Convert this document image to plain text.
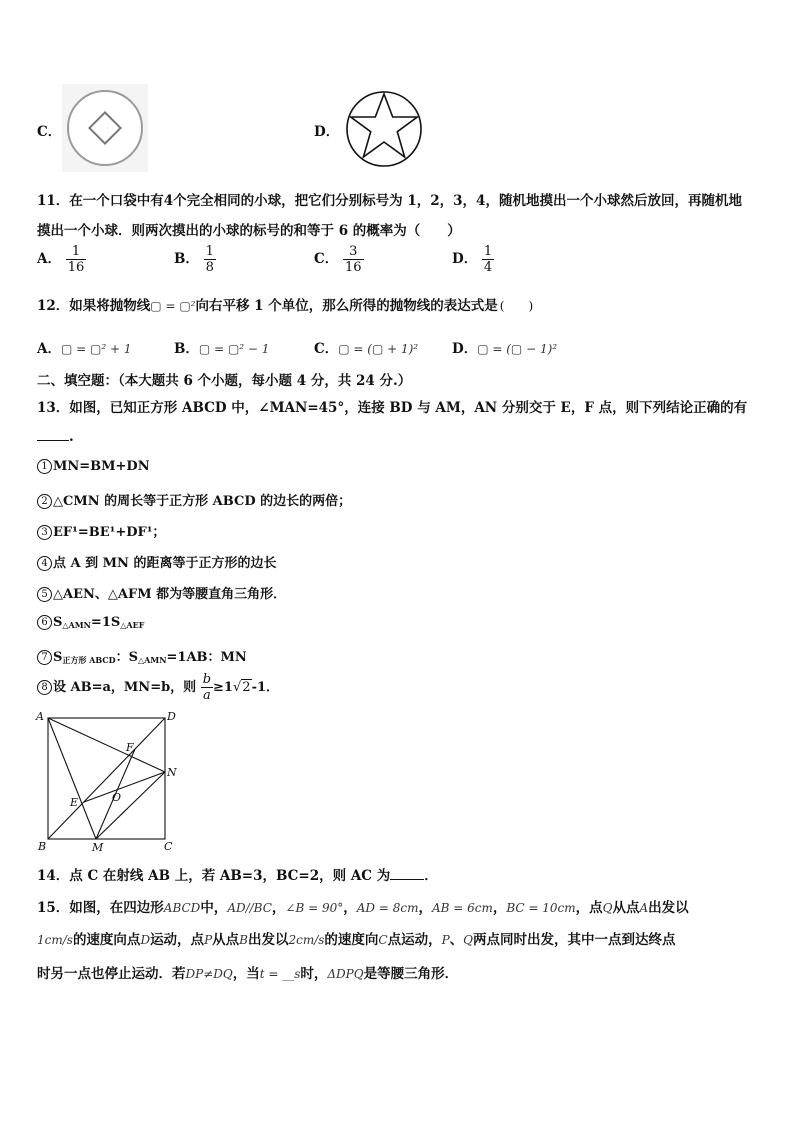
C．	D．
11．在一个口袋中有4个完全相同的小球，把它们分别标号为 1，2，3，4，随机地摸出一个小球然后放回，再随机地
摸出一个小球．则两次摸出的小球的标号的和等于 6 的概率为（　　）
A． $\frac{1}{16}$	B． $\frac{1}{8}$	C． $\frac{3}{16}$	D． $\frac{1}{4}$
12．如果将抛物线▢ = ▢²向右平移 1 个单位，那么所得的抛物线的表达式是 (　　)
A．▢ = ▢² + 1	B．▢ = ▢² − 1	C．▢ = (▢ + 1)²	D．▢ = (▢ − 1)²
二、填空题：（本大题共 6 个小题，每小题 4 分，共 24 分.）
13．如图，已知正方形 ABCD 中，∠MAN=45°，连接 BD 与 AM，AN 分别交于 E，F 点，则下列结论正确的有
.
1 MN=BM+DN
2 △CMN 的周长等于正方形 ABCD 的边长的两倍；
3 EF¹=BE¹+DF¹；
4 点 A 到 MN 的距离等于正方形的边长
5 △AEN、△AFM 都为等腰直角三角形．
6 $S_{\triangle AMN}=1S_{\triangle AEF}$
7 $S_{正方形 ABCD}$：$S_{\triangle AMN}=1AB$：MN
8 设 AB=a，MN=b，则 $\frac{b}{a} \ge 1√2-1$．
A	D
B	C
F
N
O
E
M
14．点 C 在射线 AB 上，若 AB=3，BC=2，则 AC 为	．
15．如图，在四边形ABCD中，AD//BC，∠B = 90°，AD = 8cm，AB = 6cm，BC = 10cm，点Q从点A出发以
1cm/s的速度向点D运动，点P从点B出发以2cm/s的速度向C点运动，P、Q两点同时出发，其中一点到达终点
时另一点也停止运动．若DP≠DQ，当t = __s时，ΔDPQ是等腰三角形．
